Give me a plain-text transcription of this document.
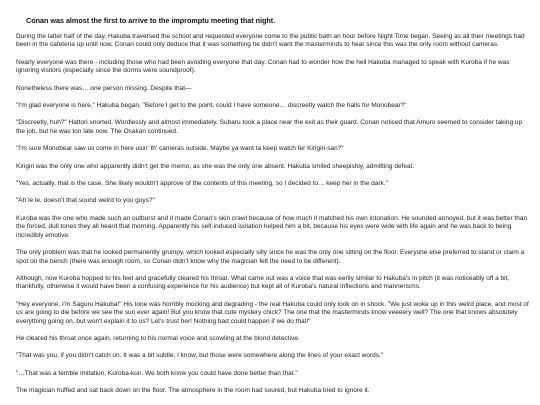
Conan was almost the first to arrive to the impromptu meeting that night.

During the latter half of the day, Hakuba traversed the school and requested everyone come to the public bath an hour before Night Time began. Seeing as all their meetings had been in the cafeteria up until now, Conan could only deduce that it was something he didn't want the masterminds to hear since this was the only room without cameras.

Nearly everyone was there - including those who had been avoiding everyone that day. Conan had to wonder how the hell Hakuba managed to speak with Kuroba if he was ignoring visitors (especially since the dorms were soundproof).

Nonetheless there was… one person missing. Despite that—

"I'm glad everyone is here," Hakuba began. "Before I get to the point, could I have someone… discreetly watch the halls for Monobear?"

"Discreetly, huh?" Hattori snorted. Wordlessly and almost immediately, Subaru took a place near the exit as their guard. Conan noticed that Amuro seemed to consider taking up the job, but he was too late now. The Osakan continued.

"I'm sure Monobear saw us come in here usin' th' cameras outside. Maybe ya want ta keep watch fer Kirigiri-san?"

Kirigiri was the only one who apparently didn't get the memo, as she was the only one absent. Hakuba smiled sheepishly, admitting defeat.

"Yes, actually, that is the case. She likely wouldn't approve of the contents of this meeting, so I decided to… keep her in the dark."

"Ah le le, doesn't that sound weird to you guys?"

Kuroba was the one who made such an outburst and it made Conan's skin crawl because of how much it matched his own intonation. He sounded annoyed, but it was better than the forced, dull tones they all heard that morning. Apparently his self-induced isolation helped him a bit, because his eyes were wide with life again and he was back to being incredibly emotive.

The only problem was that he looked permanently grumpy, which looked especially silly since he was the only one sitting on the floor. Everyone else preferred to stand or claim a spot on the bench (there was enough room, so Conan didn't know why the magician felt the need to be different).

Although, now Kuroba hopped to his feet and gracefully cleared his throat. What came out was a voice that was eerily similar to Hakuba's in pitch (it was noticeably off a bit, thankfully, otherwise it would have been a confusing experience for his audience) but kept all of Kuroba's natural inflections and mannerisms.

"Hey everyone, I'm Saguru Hakuba!" His tone was horribly mocking and degrading - the real Hakuba could only look on in shock. "We just woke up in this weird place, and most of us are going to die before we see the sun ever again! But you know that cute mystery chick? The one that the masterminds know veeeery well? The one that knows absolutely everything going on, but won't explain it to us? Let's trust her! Nothing bad could happen if we do that!"

He cleared his throat once again, returning to his normal voice and scowling at the blond detective.

"That was you, if you didn't catch on. It was a bit subtle, I know, but those were somewhere along the lines of your exact words."

"…That was a terrible imitation, Kuroba-kun. We both know you could have done better than that."

The magician huffed and sat back down on the floor. The atmosphere in the room had soured, but Hakuba tried to ignore it.
